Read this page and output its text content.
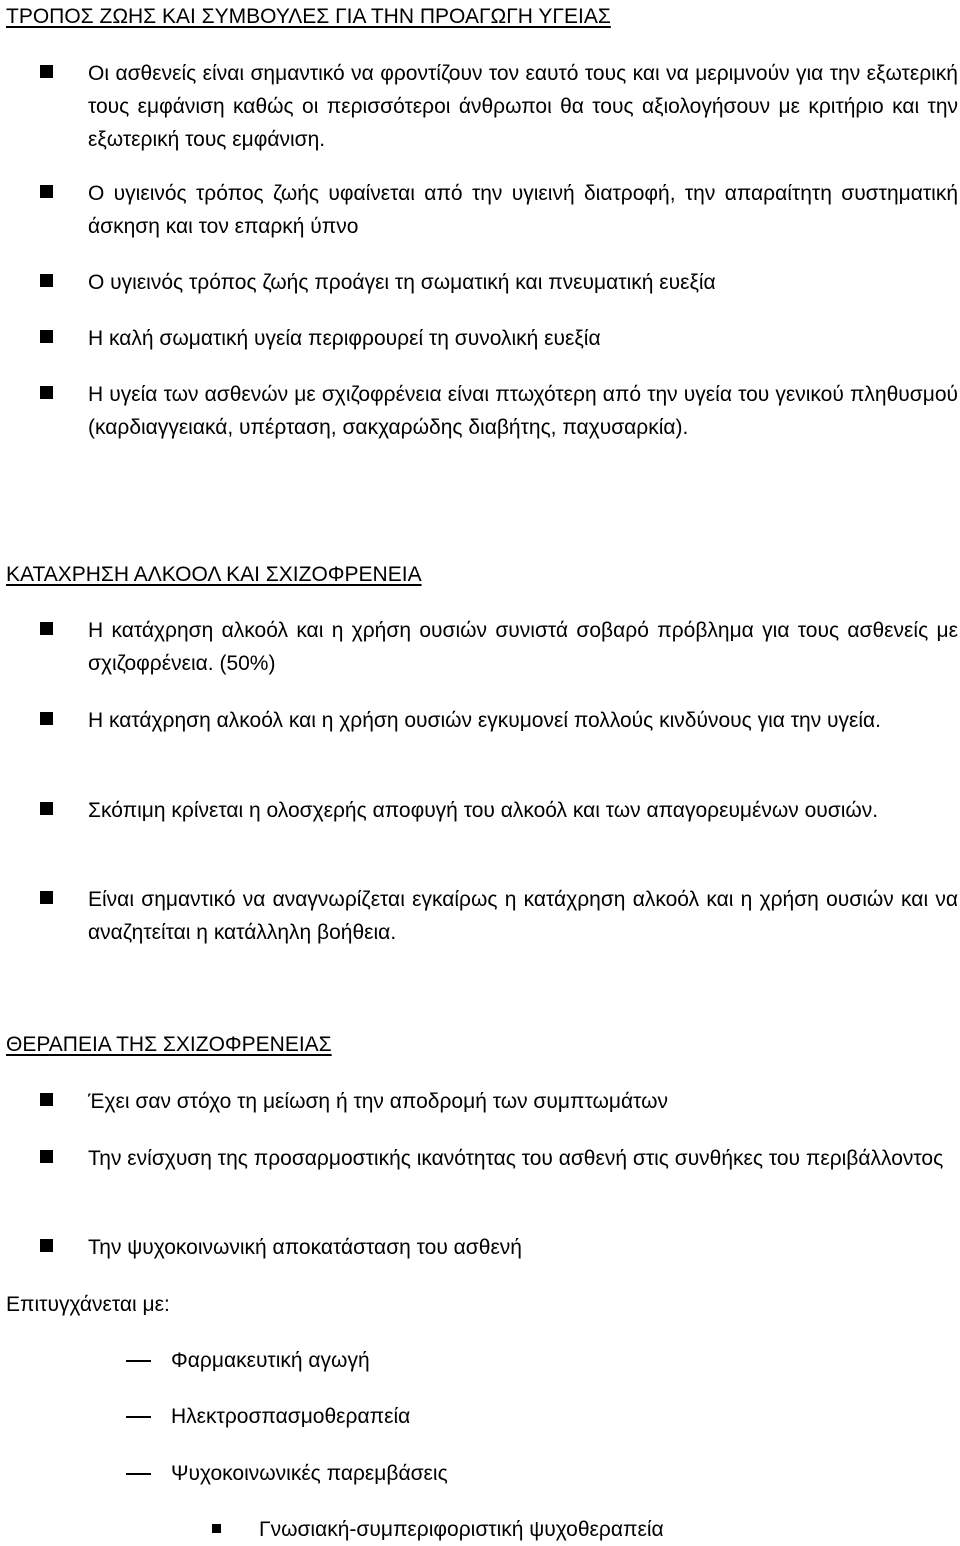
ΤΡΟΠΟΣ ΖΩΗΣ ΚΑΙ ΣΥΜΒΟΥΛΕΣ ΓΙΑ ΤΗΝ ΠΡΟΑΓΩΓΗ ΥΓΕΙΑΣ
Οι ασθενείς είναι σημαντικό να φροντίζουν τον εαυτό τους και να μεριμνούν για την εξωτερική τους εμφάνιση καθώς οι περισσότεροι άνθρωποι θα τους αξιολογήσουν με κριτήριο και την εξωτερική τους εμφάνιση.
Ο υγιεινός τρόπος ζωής υφαίνεται από την υγιεινή διατροφή, την απαραίτητη συστηματική άσκηση και τον επαρκή ύπνο
Ο υγιεινός τρόπος ζωής προάγει τη σωματική και πνευματική ευεξία
Η καλή σωματική υγεία περιφρουρεί τη συνολική ευεξία
Η υγεία των ασθενών με σχιζοφρένεια είναι πτωχότερη από την υγεία του γενικού πληθυσμού (καρδιαγγειακά, υπέρταση, σακχαρώδης διαβήτης, παχυσαρκία).
ΚΑΤΑΧΡΗΣΗ ΑΛΚΟΟΛ ΚΑΙ ΣΧΙΖΟΦΡΕΝΕΙΑ
Η κατάχρηση αλκοόλ και η χρήση ουσιών συνιστά σοβαρό πρόβλημα για τους ασθενείς με σχιζοφρένεια. (50%)
Η κατάχρηση αλκοόλ και η χρήση ουσιών εγκυμονεί πολλούς κινδύνους για την υγεία.
Σκόπιμη κρίνεται η ολοσχερής αποφυγή του αλκοόλ και των απαγορευμένων ουσιών.
Είναι σημαντικό να αναγνωρίζεται εγκαίρως η κατάχρηση αλκοόλ και η χρήση ουσιών και να αναζητείται η κατάλληλη βοήθεια.
ΘΕΡΑΠΕΙΑ ΤΗΣ ΣΧΙΖΟΦΡΕΝΕΙΑΣ
Έχει σαν στόχο τη μείωση ή την αποδρομή των συμπτωμάτων
Την ενίσχυση της προσαρμοστικής ικανότητας του ασθενή στις συνθήκες του περιβάλλοντος
Την ψυχοκοινωνική αποκατάσταση του ασθενή
Επιτυγχάνεται με:
Φαρμακευτική αγωγή
Ηλεκτροσπασμοθεραπεία
Ψυχοκοινωνικές παρεμβάσεις
Γνωσιακή-συμπεριφοριστική ψυχοθεραπεία
